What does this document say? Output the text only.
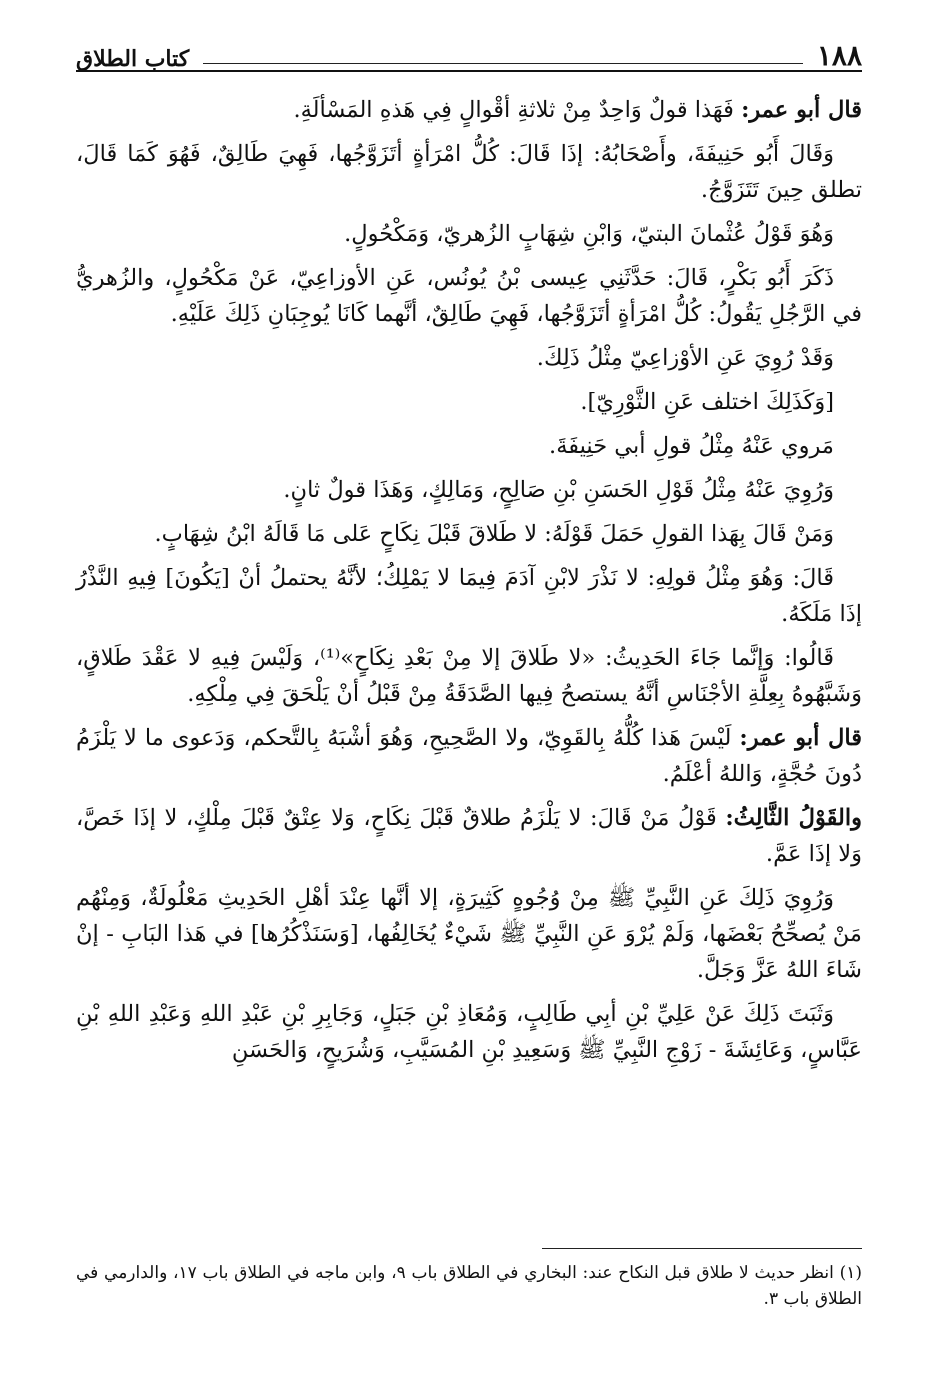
١٨٨
كتاب الطلاق

قال أبو عمر: فَهَذا قولٌ وَاحِدٌ مِنْ ثلاثةِ أقْوالٍ فِي هَذهِ المَسْألَةِ.

وَقَالَ أَبُو حَنِيفَةَ، وأَصْحَابُهُ: إذَا قَالَ: كُلُّ امْرَأةٍ أتَزَوَّجُها، فَهِيَ طَالِقٌ، فَهُوَ كَمَا قَالَ، تطلق حِينَ تَتَزَوَّجُ.

وَهُوَ قَوْلُ عُثْمانَ البتيّ، وَابْنِ شِهَابٍ الزُهريّ، وَمَكْحُولٍ.

ذَكَرَ أَبُو بَكْرٍ، قَالَ: حَدَّثَنِي عِيسى بْنُ يُونُس، عَنِ الأوزاعِيّ، عَنْ مَكْحُولٍ، والزُهريُّ في الرَّجُلِ يَقُولُ: كُلُّ امْرَأةٍ أتَزَوَّجُها، فَهِيَ طَالِقٌ، أنَّهما كَانَا يُوجِبَانِ ذَلِكَ عَلَيْهِ.

وَقَدْ رُوِيَ عَنِ الأوْزاعِيّ مِثْلُ ذَلِكَ.

[وَكَذَلِكَ اختلف عَنِ الثَّوْرِيّ].

مَروي عَنْهُ مِثْلُ قولِ أبي حَنِيفَةَ.

وَرُوِيَ عَنْهُ مِثْلُ قَوْلِ الحَسَنِ بْنِ صَالِحٍ، وَمَالِكٍ، وَهَذَا قولٌ ثانٍ.

وَمَنْ قَالَ بِهَذا القولِ حَمَلَ قَوْلَهُ: لا طَلاقَ قَبْلَ نِكَاحٍ عَلى مَا قَالَهُ ابْنُ شِهَابٍ.

قَالَ: وَهُوَ مِثْلُ قولِهِ: لا نَذْرَ لابْنِ آدَمَ فِيمَا لا يَمْلِكُ؛ لأنَّهُ يحتملُ أنْ [يَكُونَ] فِيهِ النَّذْرُ إذَا مَلَكَهُ.

قَالُوا: وَإنَّما جَاءَ الحَدِيثُ: «لا طَلاقَ إلا مِنْ بَعْدِ نِكَاحٍ»⁽¹⁾، وَلَيْسَ فِيهِ لا عَقْدَ طَلاقٍ، وَشَبَّهُوهُ بِعِلَّةِ الأجْنَاسِ أنَّهُ يستصحُ فِيها الصَّدَقَةُ مِنْ قَبْلُ أنْ يَلْحَقَ فِي مِلْكِهِ.

قال أبو عمر: لَيْسَ هَذا كُلُّهُ بِالقَوِيّ، ولا الصَّحِيحِ، وَهُوَ أشْبَهُ بِالتَّحكم، وَدَعوى ما لا يَلْزَمُ دُونَ حُجَّةٍ، وَاللهُ أعْلَمُ.

والقَوْلُ الثَّالِثُ: قَوْلُ مَنْ قَالَ: لا يَلْزَمُ طلاقٌ قَبْلَ نِكَاحٍ، وَلا عِتْقٌ قَبْلَ مِلْكٍ، لا إذَا خَصَّ، وَلا إذَا عَمَّ.

وَرُوِيَ ذَلِكَ عَنِ النَّبِيِّ ﷺ مِنْ وُجُوهٍ كَثِيرَةٍ، إلا أنَّها عِنْدَ أهْلِ الحَدِيثِ مَعْلُولَةٌ، وَمِنْهُم مَنْ يُصحِّحُ بَعْضَها، وَلَمْ يُرْوَ عَنِ النَّبِيِّ ﷺ شَيْءٌ يُخَالِفُها، [وَسَنَذْكُرُها] في هَذا البَابِ - إنْ شَاءَ اللهُ عَزَّ وَجَلَّ.

وَثَبَتَ ذَلِكَ عَنْ عَلِيِّ بْنِ أبِي طَالِبٍ، وَمُعَاذِ بْنِ جَبَلٍ، وَجَابِرِ بْنِ عَبْدِ اللهِ وَعَبْدِ اللهِ بْنِ عَبَّاسٍ، وَعَائِشَةَ - زَوْجِ النَّبِيِّ ﷺ وَسَعِيدِ بْنِ المُسَيَّبِ، وَشُرَيحٍ، وَالحَسَنِ

(١) انظر حديث لا طلاق قبل النكاح عند: البخاري في الطلاق باب ٩، وابن ماجه في الطلاق باب ١٧، والدارمي في الطلاق باب ٣.
